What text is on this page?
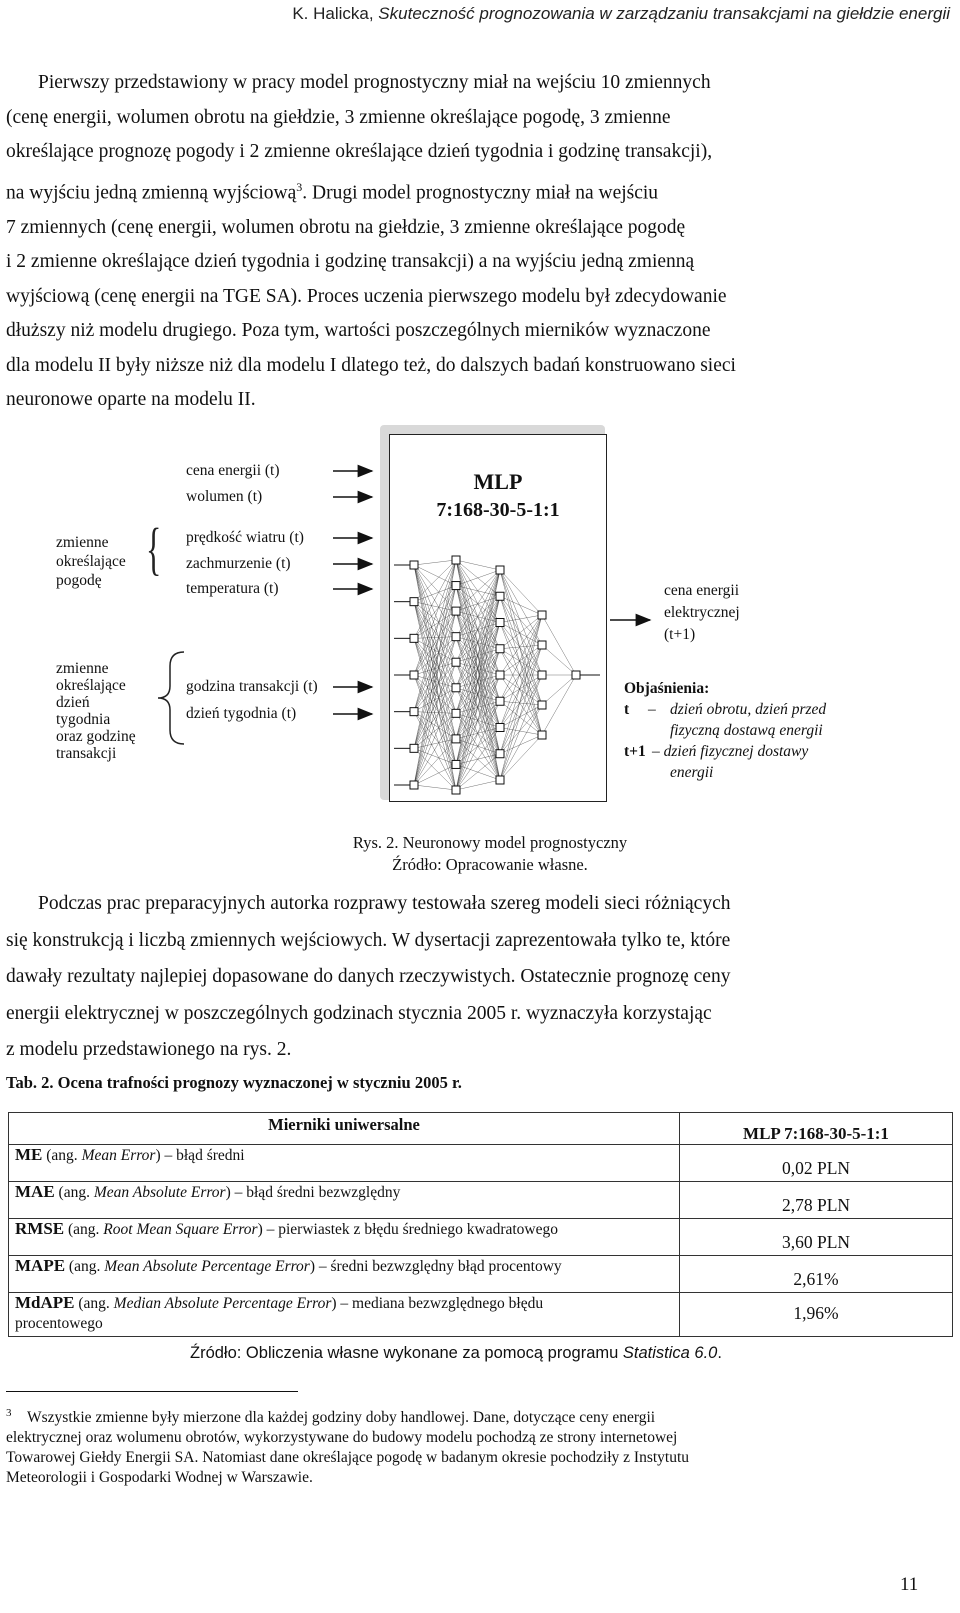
K. Halicka, Skuteczność prognozowania w zarządzaniu transakcjami na giełdzie energii
Pierwszy przedstawiony w pracy model prognostyczny miał na wejściu 10 zmiennych
(cenę energii, wolumen obrotu na giełdzie, 3 zmienne określające pogodę, 3 zmienne
określające prognozę pogody i 2 zmienne określające dzień tygodnia i godzinę transakcji),
na wyjściu jedną zmienną wyjściową$^3$. Drugi model prognostyczny miał na wejściu
7 zmiennych (cenę energii, wolumen obrotu na giełdzie, 3 zmienne określające pogodę
i 2 zmienne określające dzień tygodnia i godzinę transakcji) a na wyjściu jedną zmienną
wyjściową (cenę energii na TGE SA). Proces uczenia pierwszego modelu był zdecydowanie
dłuższy niż modelu drugiego. Poza tym, wartości poszczególnych mierników wyznaczone
dla modelu II były niższe niż dla modelu I dlatego też, do dalszych badań konstruowano sieci
neuronowe oparte na modelu II.
cena energii (t)
wolumen (t)
zmienne
określające
pogodę { prędkość wiatru (t)
zachmurzenie (t)
temperatura (t)
zmienne
określające
dzień
tygodnia
oraz godzinę
transakcji
godzina transakcji (t)
dzień tygodnia (t)
MLP
7:168-30-5-1:1
cena energii
elektrycznej
(t+1)
Objaśnienia:
t – dzień obrotu, dzień przed
fizyczną dostawą energii
t+1 – dzień fizycznej dostawy
energii
Rys. 2. Neuronowy model prognostyczny
Źródło: Opracowanie własne.
Podczas prac preparacyjnych autorka rozprawy testowała szereg modeli sieci różniących
się konstrukcją i liczbą zmiennych wejściowych. W dysertacji zaprezentowała tylko te, które
dawały rezultaty najlepiej dopasowane do danych rzeczywistych. Ostatecznie prognozę ceny
energii elektrycznej w poszczególnych godzinach stycznia 2005 r. wyznaczyła korzystając
z modelu przedstawionego na rys. 2.
Tab. 2. Ocena trafności prognozy wyznaczonej w styczniu 2005 r.
Mierniki uniwersalne	MLP 7:168-30-5-1:1
ME (ang. Mean Error) – błąd średni	0,02 PLN
MAE (ang. Mean Absolute Error) – błąd średni bezwzględny	2,78 PLN
RMSE (ang. Root Mean Square Error) – pierwiastek z błędu średniego kwadratowego	3,60 PLN
MAPE (ang. Mean Absolute Percentage Error) – średni bezwzględny błąd procentowy	2,61%
MdAPE (ang. Median Absolute Percentage Error) – mediana bezwzględnego błędu
procentowego	1,96%
Źródło: Obliczenia własne wykonane za pomocą programu Statistica 6.0.
$^3$ Wszystkie zmienne były mierzone dla każdej godziny doby handlowej. Dane, dotyczące ceny energii
elektrycznej oraz wolumenu obrotów, wykorzystywane do budowy modelu pochodzą ze strony internetowej
Towarowej Giełdy Energii SA. Natomiast dane określające pogodę w badanym okresie pochodziły z Instytutu
Meteorologii i Gospodarki Wodnej w Warszawie.
11
